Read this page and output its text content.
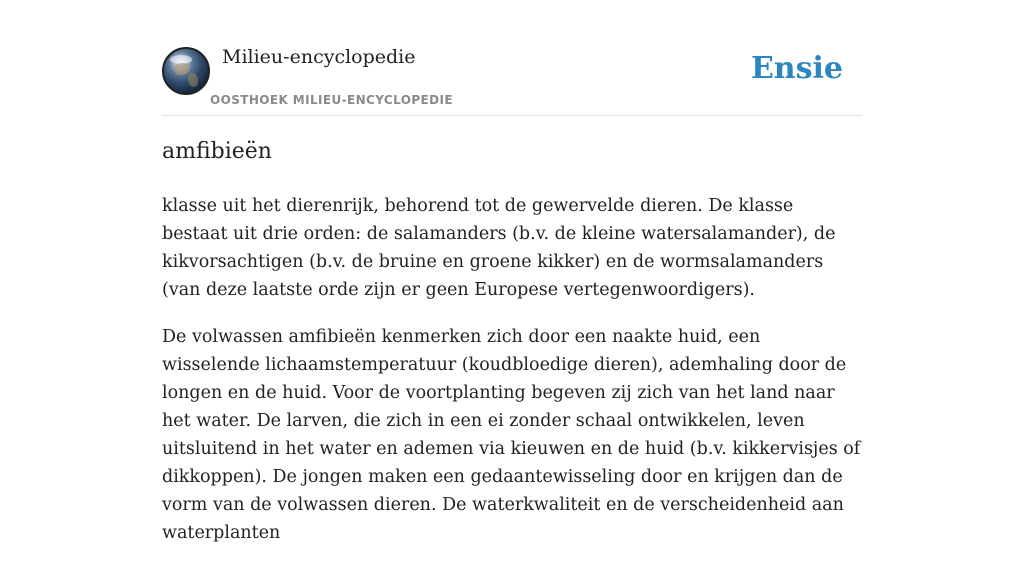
Milieu-encyclopedie
OOSTHOEK MILIEU-ENCYCLOPEDIE
Ensie
amfibieën

klasse uit het dierenrijk, behorend tot de gewervelde dieren. De klasse bestaat uit drie orden: de salamanders (b.v. de kleine watersalamander), de kikvorsachtigen (b.v. de bruine en groene kikker) en de wormsalamanders (van deze laatste orde zijn er geen Europese vertegenwoordigers).

De volwassen amfibieën kenmerken zich door een naakte huid, een wisselende lichaamstemperatuur (koudbloedige dieren), ademhaling door de longen en de huid. Voor de voortplanting begeven zij zich van het land naar het water. De larven, die zich in een ei zonder schaal ontwikkelen, leven uitsluitend in het water en ademen via kieuwen en de huid (b.v. kikkervisjes of dikkoppen). De jongen maken een gedaantewisseling door en krijgen dan de vorm van de volwassen dieren. De waterkwaliteit en de verscheidenheid aan waterplanten
